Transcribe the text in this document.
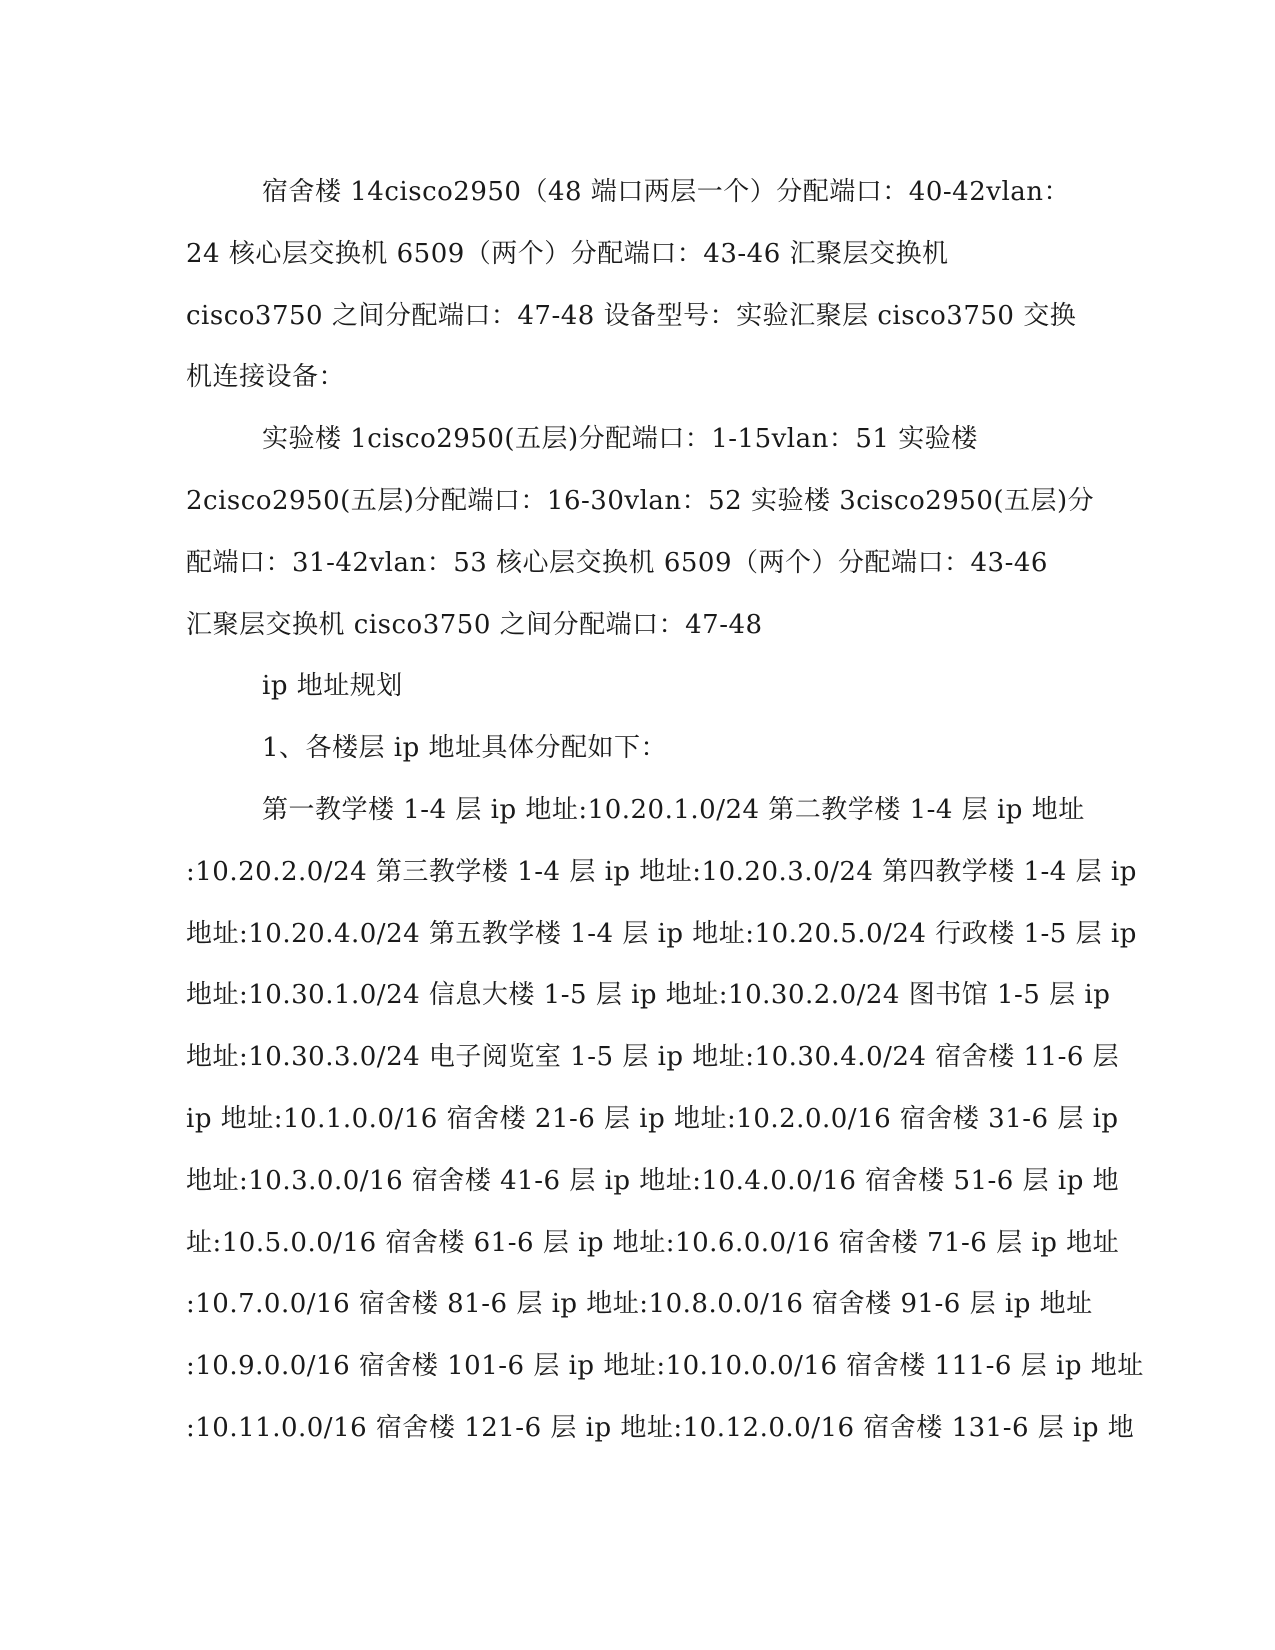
宿舍楼 14cisco2950（48 端口两层一个）分配端口：40-42vlan：
24 核心层交换机 6509（两个）分配端口：43-46 汇聚层交换机
cisco3750 之间分配端口：47-48 设备型号：实验汇聚层 cisco3750 交换
机连接设备：
实验楼 1cisco2950(五层)分配端口：1-15vlan：51 实验楼
2cisco2950(五层)分配端口：16-30vlan：52 实验楼 3cisco2950(五层)分
配端口：31-42vlan：53 核心层交换机 6509（两个）分配端口：43-46
汇聚层交换机 cisco3750 之间分配端口：47-48
ip 地址规划
1、各楼层 ip 地址具体分配如下：
第一教学楼 1-4 层 ip 地址:10.20.1.0/24 第二教学楼 1-4 层 ip 地址
:10.20.2.0/24 第三教学楼 1-4 层 ip 地址:10.20.3.0/24 第四教学楼 1-4 层 ip
地址:10.20.4.0/24 第五教学楼 1-4 层 ip 地址:10.20.5.0/24 行政楼 1-5 层 ip
地址:10.30.1.0/24 信息大楼 1-5 层 ip 地址:10.30.2.0/24 图书馆 1-5 层 ip
地址:10.30.3.0/24 电子阅览室 1-5 层 ip 地址:10.30.4.0/24 宿舍楼 11-6 层
ip 地址:10.1.0.0/16 宿舍楼 21-6 层 ip 地址:10.2.0.0/16 宿舍楼 31-6 层 ip
地址:10.3.0.0/16 宿舍楼 41-6 层 ip 地址:10.4.0.0/16 宿舍楼 51-6 层 ip 地
址:10.5.0.0/16 宿舍楼 61-6 层 ip 地址:10.6.0.0/16 宿舍楼 71-6 层 ip 地址
:10.7.0.0/16 宿舍楼 81-6 层 ip 地址:10.8.0.0/16 宿舍楼 91-6 层 ip 地址
:10.9.0.0/16 宿舍楼 101-6 层 ip 地址:10.10.0.0/16 宿舍楼 111-6 层 ip 地址
:10.11.0.0/16 宿舍楼 121-6 层 ip 地址:10.12.0.0/16 宿舍楼 131-6 层 ip 地
